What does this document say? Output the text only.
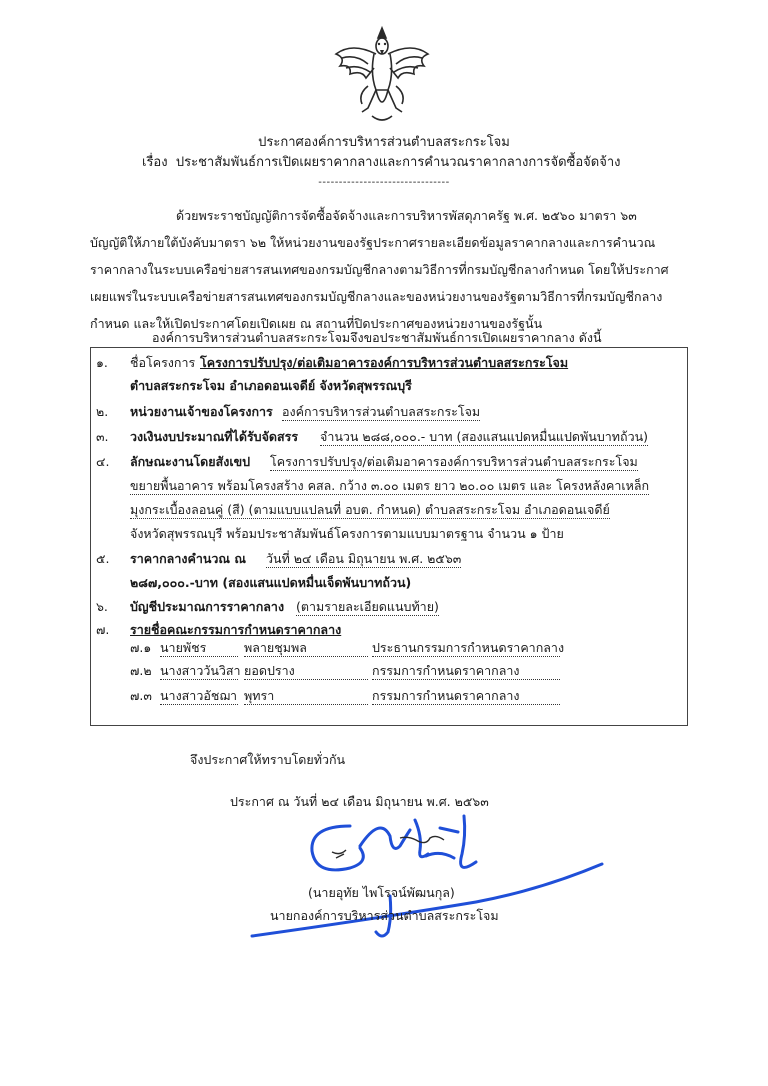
ประกาศองค์การบริหารส่วนตำบลสระกระโจม
เรื่อง ประชาสัมพันธ์การเปิดเผยราคากลางและการคำนวณราคากลางการจัดซื้อจัดจ้าง
--------------------------------
ด้วยพระราชบัญญัติการจัดซื้อจัดจ้างและการบริหารพัสดุภาครัฐ พ.ศ. ๒๕๖๐ มาตรา ๖๓
บัญญัติให้ภายใต้บังคับมาตรา ๖๒ ให้หน่วยงานของรัฐประกาศรายละเอียดข้อมูลราคากลางและการคำนวณ
ราคากลางในระบบเครือข่ายสารสนเทศของกรมบัญชีกลางตามวิธีการที่กรมบัญชีกลางกำหนด โดยให้ประกาศ
เผยแพร่ในระบบเครือข่ายสารสนเทศของกรมบัญชีกลางและของหน่วยงานของรัฐตามวิธีการที่กรมบัญชีกลาง
กำหนด และให้เปิดประกาศโดยเปิดเผย ณ สถานที่ปิดประกาศของหน่วยงานของรัฐนั้น
องค์การบริหารส่วนตำบลสระกระโจมจึงขอประชาสัมพันธ์การเปิดเผยราคากลาง ดังนี้
๑. ชื่อโครงการ โครงการปรับปรุง/ต่อเติมอาคารองค์การบริหารส่วนตำบลสระกระโจม
ตำบลสระกระโจม อำเภอดอนเจดีย์ จังหวัดสุพรรณบุรี
๒. หน่วยงานเจ้าของโครงการ องค์การบริหารส่วนตำบลสระกระโจม
๓. วงเงินงบประมาณที่ได้รับจัดสรร จำนวน ๒๘๘,๐๐๐.- บาท (สองแสนแปดหมื่นแปดพันบาทถ้วน)
๔. ลักษณะงานโดยสังเขป โครงการปรับปรุง/ต่อเติมอาคารองค์การบริหารส่วนตำบลสระกระโจม
ขยายพื้นอาคาร พร้อมโครงสร้าง คสล. กว้าง ๓.๐๐ เมตร ยาว ๒๐.๐๐ เมตร และ โครงหลังคาเหล็ก
มุงกระเบื้องลอนคู่ (สี) (ตามแบบแปลนที่ อบต. กำหนด) ตำบลสระกระโจม อำเภอดอนเจดีย์
จังหวัดสุพรรณบุรี พร้อมประชาสัมพันธ์โครงการตามแบบมาตรฐาน จำนวน ๑ ป้าย
๕. ราคากลางคำนวณ ณ วันที่ ๒๔ เดือน มิถุนายน พ.ศ. ๒๕๖๓
๒๘๗,๐๐๐.-บาท (สองแสนแปดหมื่นเจ็ดพันบาทถ้วน)
๖. บัญชีประมาณการราคากลาง (ตามรายละเอียดแนบท้าย)
๗. รายชื่อคณะกรรมการกำหนดราคากลาง
๗.๑ นายพัชร	พลายชุมพล	ประธานกรรมการกำหนดราคากลาง
๗.๒ นางสาววันวิสา ยอดปราง	กรรมการกำหนดราคากลาง
๗.๓ นางสาวอัชฌา พุทรา	กรรมการกำหนดราคากลาง
จึงประกาศให้ทราบโดยทั่วกัน
ประกาศ ณ วันที่ ๒๔ เดือน มิถุนายน พ.ศ. ๒๕๖๓
(นายอุทัย ไพโรจน์พัฒนกุล)
นายกองค์การบริหารส่วนตำบลสระกระโจม
